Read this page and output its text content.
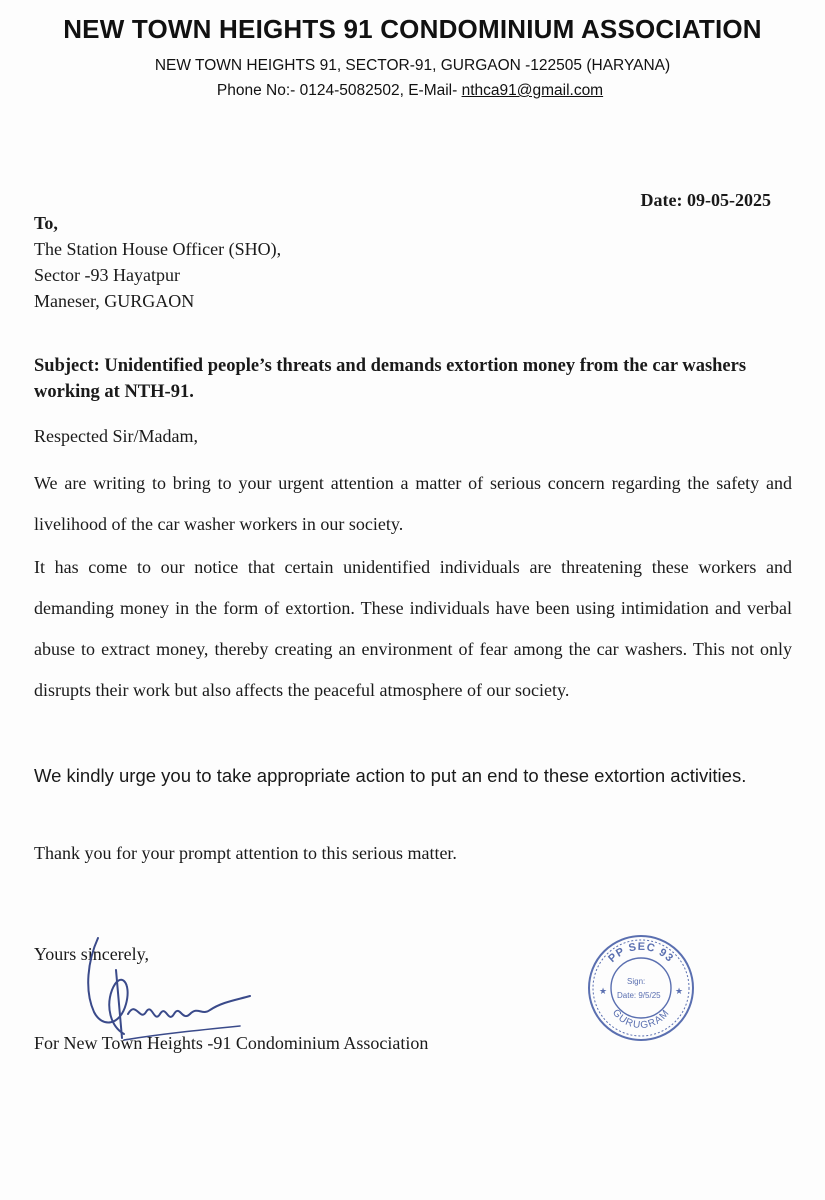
NEW TOWN HEIGHTS 91 CONDOMINIUM ASSOCIATION
NEW TOWN HEIGHTS 91, SECTOR-91, GURGAON -122505 (HARYANA)
Phone No:- 0124-5082502, E-Mail- nthca91@gmail.com
Date: 09-05-2025
To,
The Station House Officer (SHO),
Sector -93 Hayatpur
Maneser, GURGAON
Subject: Unidentified people’s threats and demands extortion money from the car washers working at NTH-91.
Respected Sir/Madam,
We are writing to bring to your urgent attention a matter of serious concern regarding the safety and livelihood of the car washer workers in our society.
It has come to our notice that certain unidentified individuals are threatening these workers and demanding money in the form of extortion. These individuals have been using intimidation and verbal abuse to extract money, thereby creating an environment of fear among the car washers. This not only disrupts their work but also affects the peaceful atmosphere of our society.
We kindly urge you to take appropriate action to put an end to these extortion activities.
Thank you for your prompt attention to this serious matter.
Yours sincerely,
For New Town Heights -91 Condominium Association
PP SEC 93
GURUGRAM
Sign:
Date: 9/5/25
★	★
